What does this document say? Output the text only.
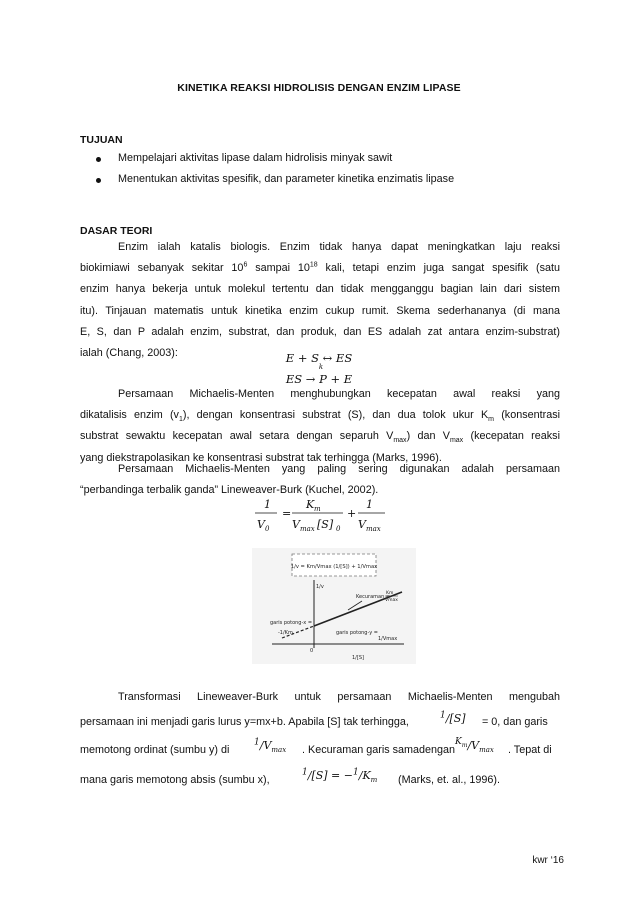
KINETIKA REAKSI HIDROLISIS DENGAN ENZIM LIPASE
TUJUAN
Mempelajari aktivitas lipase dalam hidrolisis minyak sawit
Menentukan aktivitas spesifik, dan parameter kinetika enzimatis lipase
DASAR TEORI
Enzim ialah katalis biologis. Enzim tidak hanya dapat meningkatkan laju reaksi
biokimiawi sebanyak sekitar $10^6$ sampai $10^{18}$ kali, tetapi enzim juga sangat spesifik (satu
enzim hanya bekerja untuk molekul tertentu dan tidak mengganggu bagian lain dari sistem
itu). Tinjauan matematis untuk kinetika enzim cukup rumit. Skema sederhananya (di mana
E, S, dan P adalah enzim, substrat, dan produk, dan ES adalah zat antara enzim-substrat)
ialah (Chang, 2003):	E + S ↔ ES
k
ES → P + E
Persamaan Michaelis-Menten menghubungkan kecepatan awal reaksi yang
dikatalisis enzim $(v_1)$, dengan konsentrasi substrat (S), dan dua tolok ukur $K_m$ (konsentrasi
substrat sewaktu kecepatan awal setara dengan separuh $V_{max}$) dan $V_{max}$ (kecepatan reaksi
yang diekstrapolasikan ke konsentrasi substrat tak terhingga (Marks, 1996).
Persamaan Michaelis-Menten yang paling sering digunakan adalah persamaan
“perbandinga terbalik ganda” Lineweaver-Burk (Kuchel, 2002).
1
V 0
=
K m
V max [S] 0
+
1
V max
1/v = Km/Vmax (1/[S]) + 1/Vmax
1/v
1/[S]
0
Kecuraman =
Km
Vmax
garis potong-x =
-1/Km	garis potong-y =
1/Vmax
Transformasi Lineweaver-Burk untuk persamaan Michaelis-Menten mengubah
persamaan ini menjadi garis lurus y=mx+b. Apabila [S] tak terhingga,
$^1$/[S] = 0, dan garis
memotong ordinat (sumbu y) di
$^1/V_{max}$ . Kecuraman garis samadengan
$^{K_m}/V_{max}$ . Tepat di
mana garis memotong absis (sumbu x),
$^1/[S] = -^1/K_m$ (Marks, et. al., 1996).
kwr ‘16
